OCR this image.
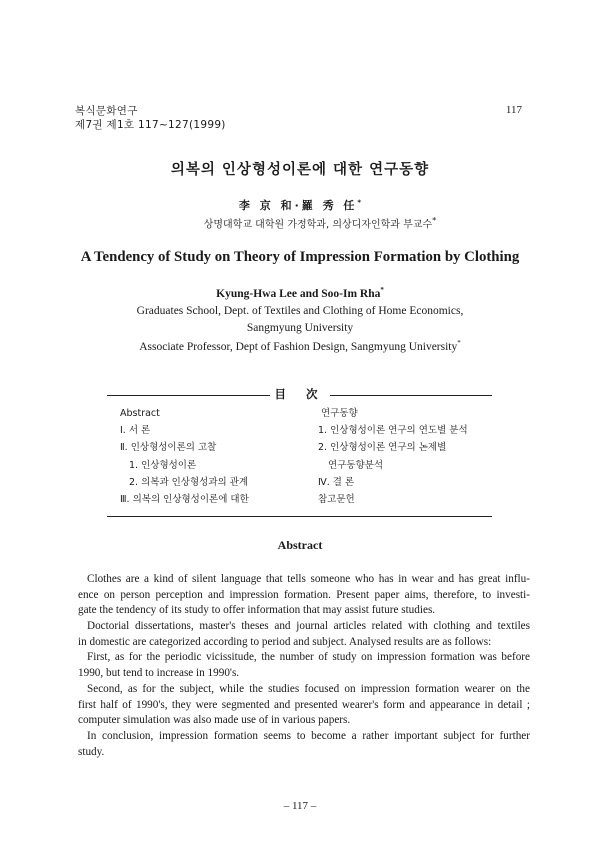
복식문화연구
제7권 제1호 117~127(1999)
117
의복의 인상형성이론에 대한 연구동향
李 京 和·羅 秀 任*
상명대학교 대학원 가정학과, 의상디자인학과 부교수*
A Tendency of Study on Theory of Impression Formation by Clothing
Kyung-Hwa Lee and Soo-Im Rha*
Graduates School, Dept. of Textiles and Clothing of Home Economics,
Sangmyung University
Associate Professor, Dept of Fashion Design, Sangmyung University*
目 次
Abstract
Ⅰ. 서 론
Ⅱ. 인상형성이론의 고찰
1. 인상형성이론
2. 의복과 인상형성과의 관계
Ⅲ. 의복의 인상형성이론에 대한
연구동향
1. 인상형성이론 연구의 연도별 분석
2. 인상형성이론 연구의 논제별
연구동향분석
Ⅳ. 결 론
참고문헌
Abstract
Clothes are a kind of silent language that tells someone who has in wear and has great influ-
ence on person perception and impression formation. Present paper aims, therefore, to investi-
gate the tendency of its study to offer information that may assist future studies.
Doctorial dissertations, master's theses and journal articles related with clothing and textiles
in domestic are categorized according to period and subject. Analysed results are as follows:
First, as for the periodic vicissitude, the number of study on impression formation was before
1990, but tend to increase in 1990's.
Second, as for the subject, while the studies focused on impression formation wearer on the
first half of 1990's, they were segmented and presented wearer's form and appearance in detail ;
computer simulation was also made use of in various papers.
In conclusion, impression formation seems to become a rather important subject for further
study.
– 117 –
